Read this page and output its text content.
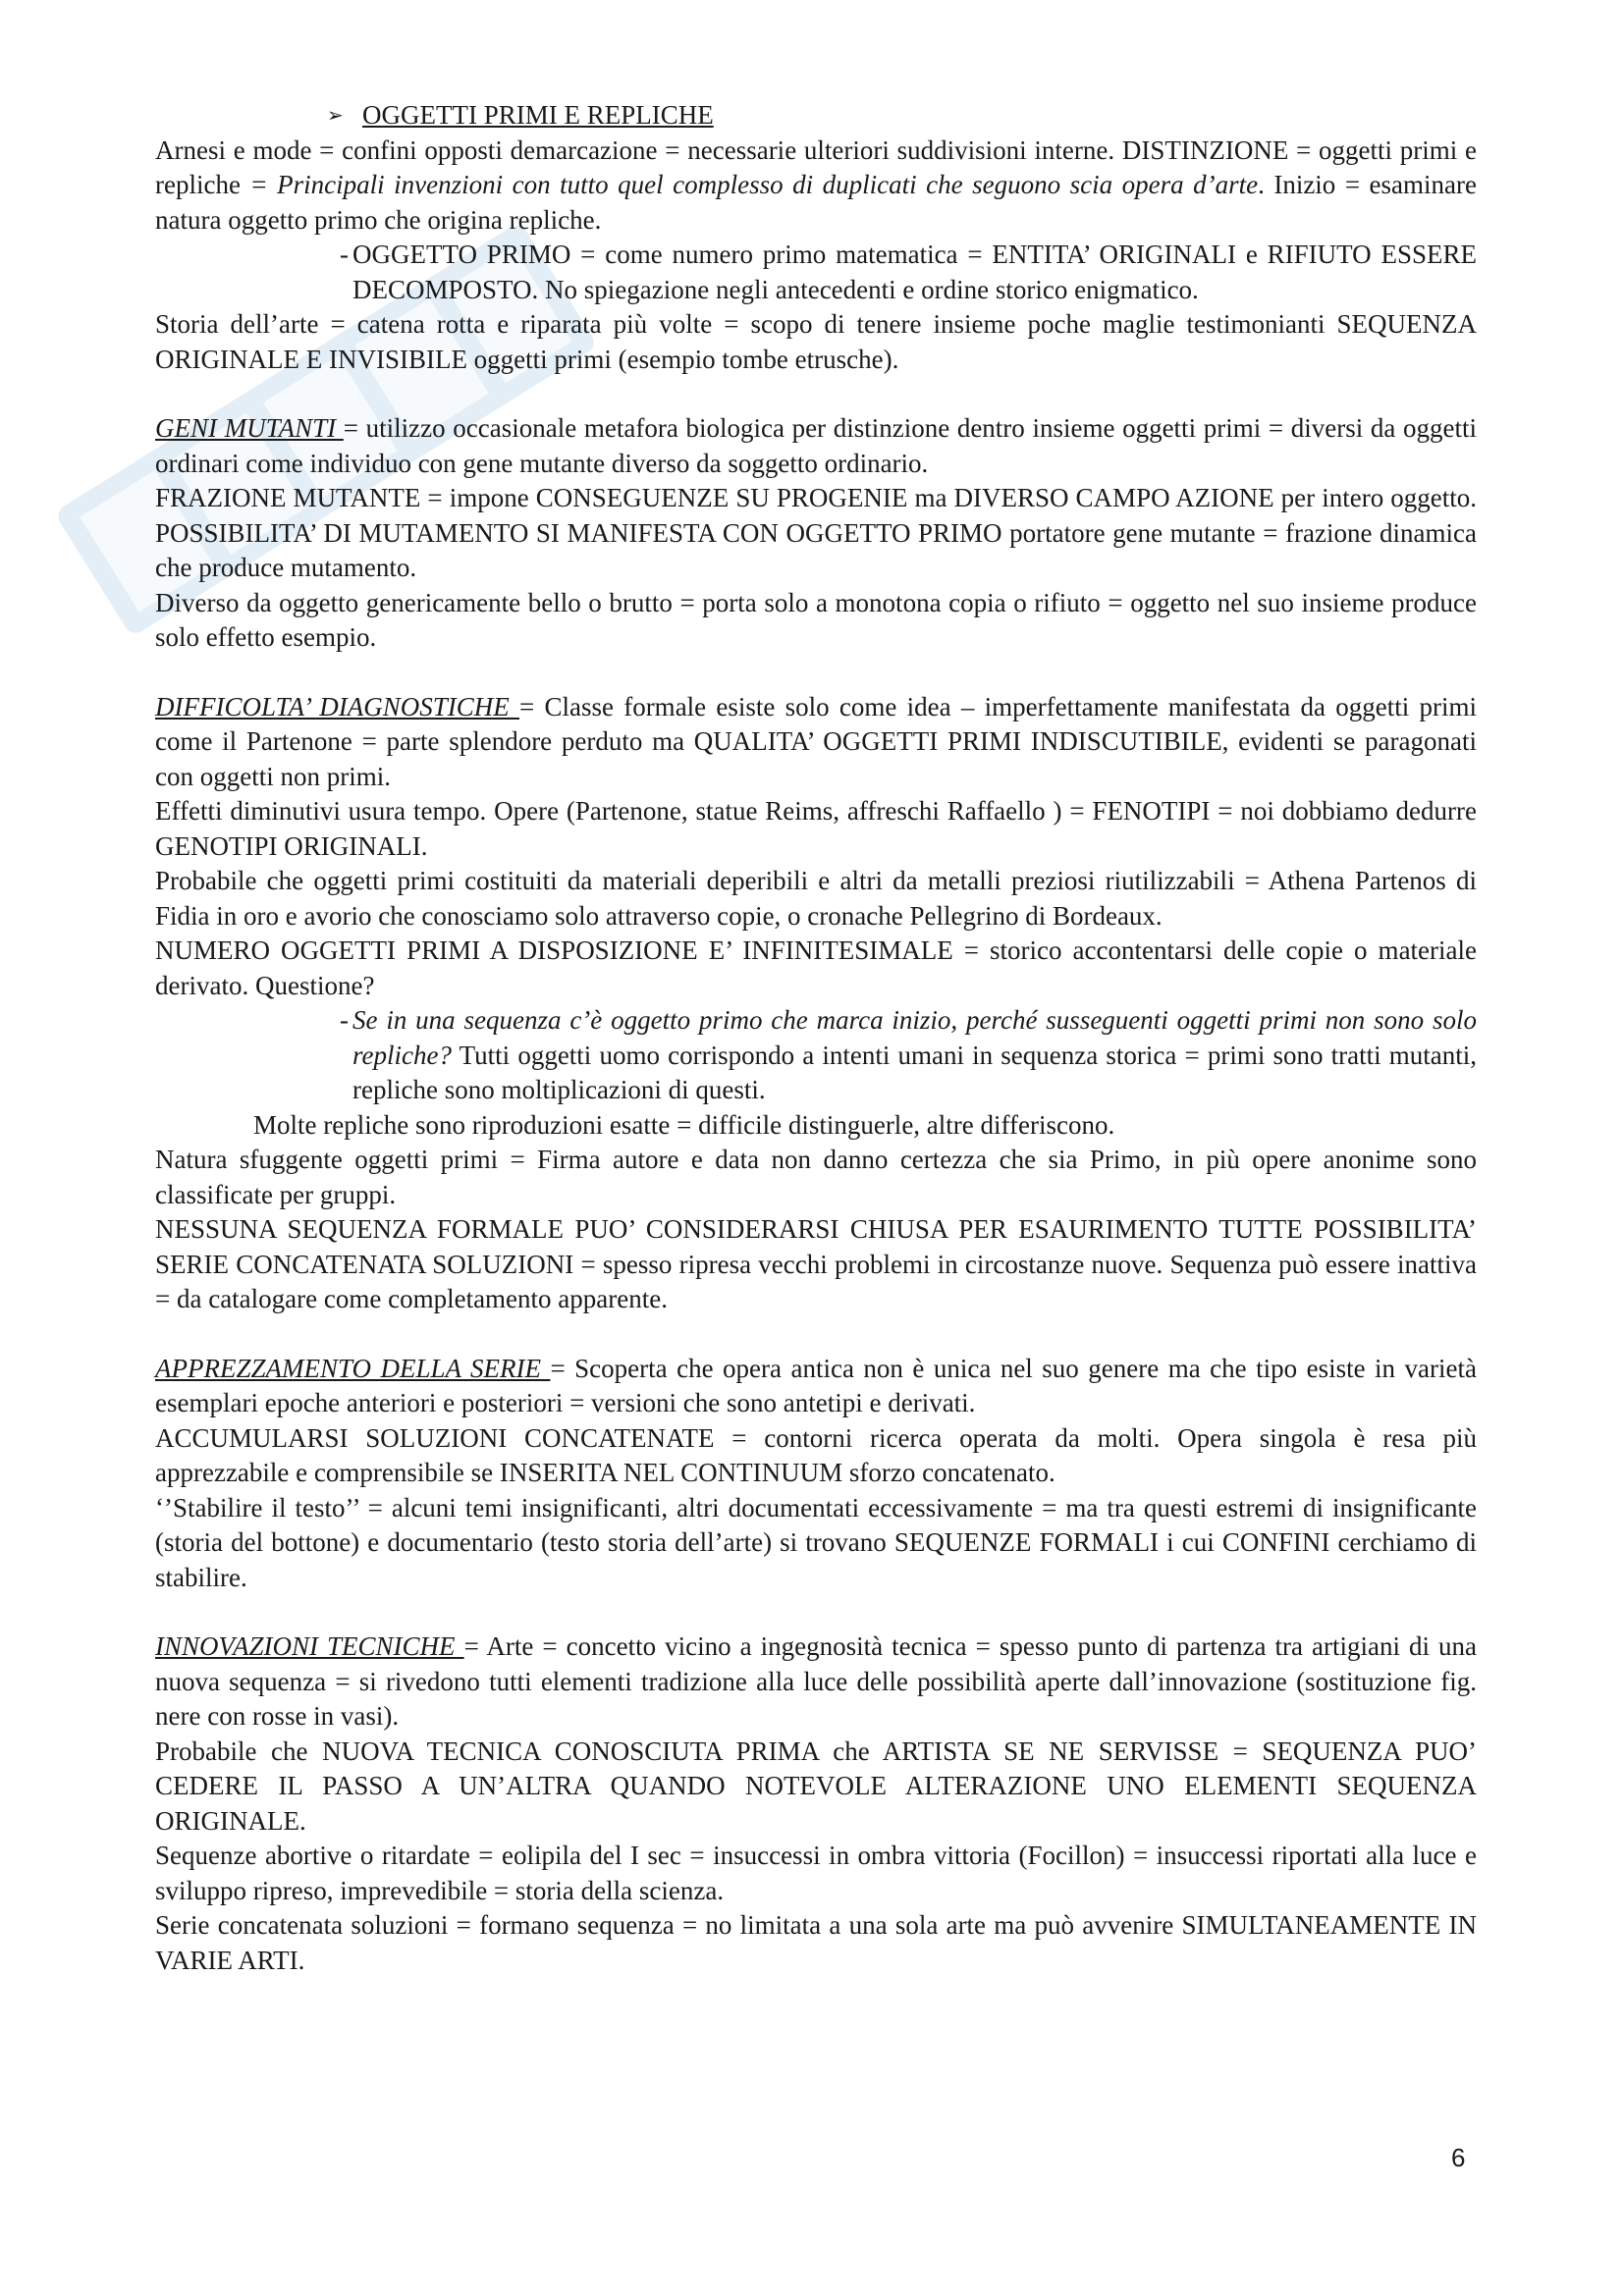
➢ OGGETTI PRIMI E REPLICHE

Arnesi e mode = confini opposti demarcazione = necessarie ulteriori suddivisioni interne. DISTINZIONE = oggetti primi e repliche = Principali invenzioni con tutto quel complesso di duplicati che seguono scia opera d’arte. Inizio = esaminare natura oggetto primo che origina repliche.

- OGGETTO PRIMO = come numero primo matematica = ENTITA’ ORIGINALI e RIFIUTO ESSERE DECOMPOSTO. No spiegazione negli antecedenti e ordine storico enigmatico.

Storia dell’arte = catena rotta e riparata più volte = scopo di tenere insieme poche maglie testimonianti SEQUENZA ORIGINALE E INVISIBILE oggetti primi (esempio tombe etrusche).

GENI MUTANTI = utilizzo occasionale metafora biologica per distinzione dentro insieme oggetti primi = diversi da oggetti ordinari come individuo con gene mutante diverso da soggetto ordinario.

FRAZIONE MUTANTE = impone CONSEGUENZE SU PROGENIE ma DIVERSO CAMPO AZIONE per intero oggetto. POSSIBILITA’ DI MUTAMENTO SI MANIFESTA CON OGGETTO PRIMO portatore gene mutante = frazione dinamica che produce mutamento.

Diverso da oggetto genericamente bello o brutto = porta solo a monotona copia o rifiuto = oggetto nel suo insieme produce solo effetto esempio.

DIFFICOLTA’ DIAGNOSTICHE = Classe formale esiste solo come idea – imperfettamente manifestata da oggetti primi come il Partenone = parte splendore perduto ma QUALITA’ OGGETTI PRIMI INDISCUTIBILE, evidenti se paragonati con oggetti non primi.

Effetti diminutivi usura tempo. Opere (Partenone, statue Reims, affreschi Raffaello ) = FENOTIPI = noi dobbiamo dedurre GENOTIPI ORIGINALI.

Probabile che oggetti primi costituiti da materiali deperibili e altri da metalli preziosi riutilizzabili = Athena Partenos di Fidia in oro e avorio che conosciamo solo attraverso copie, o cronache Pellegrino di Bordeaux.

NUMERO OGGETTI PRIMI A DISPOSIZIONE E’ INFINITESIMALE = storico accontentarsi delle copie o materiale derivato. Questione?

- Se in una sequenza c’è oggetto primo che marca inizio, perché susseguenti oggetti primi non sono solo repliche? Tutti oggetti uomo corrispondo a intenti umani in sequenza storica = primi sono tratti mutanti, repliche sono moltiplicazioni di questi.

Molte repliche sono riproduzioni esatte = difficile distinguerle, altre differiscono.

Natura sfuggente oggetti primi = Firma autore e data non danno certezza che sia Primo, in più opere anonime sono classificate per gruppi.

NESSUNA SEQUENZA FORMALE PUO’ CONSIDERARSI CHIUSA PER ESAURIMENTO TUTTE POSSIBILITA’ SERIE CONCATENATA SOLUZIONI = spesso ripresa vecchi problemi in circostanze nuove. Sequenza può essere inattiva = da catalogare come completamento apparente.

APPREZZAMENTO DELLA SERIE = Scoperta che opera antica non è unica nel suo genere ma che tipo esiste in varietà esemplari epoche anteriori e posteriori = versioni che sono antetipi e derivati.

ACCUMULARSI SOLUZIONI CONCATENATE = contorni ricerca operata da molti. Opera singola è resa più apprezzabile e comprensibile se INSERITA NEL CONTINUUM sforzo concatenato.

‘’Stabilire il testo’’ = alcuni temi insignificanti, altri documentati eccessivamente = ma tra questi estremi di insignificante (storia del bottone) e documentario (testo storia dell’arte) si trovano SEQUENZE FORMALI i cui CONFINI cerchiamo di stabilire.

INNOVAZIONI TECNICHE = Arte = concetto vicino a ingegnosità tecnica = spesso punto di partenza tra artigiani di una nuova sequenza = si rivedono tutti elementi tradizione alla luce delle possibilità aperte dall’innovazione (sostituzione fig. nere con rosse in vasi).

Probabile che NUOVA TECNICA CONOSCIUTA PRIMA che ARTISTA SE NE SERVISSE = SEQUENZA PUO’ CEDERE IL PASSO A UN’ALTRA QUANDO NOTEVOLE ALTERAZIONE UNO ELEMENTI SEQUENZA ORIGINALE.

Sequenze abortive o ritardate = eolipila del I sec = insuccessi in ombra vittoria (Focillon) = insuccessi riportati alla luce e sviluppo ripreso, imprevedibile = storia della scienza.

Serie concatenata soluzioni = formano sequenza = no limitata a una sola arte ma può avvenire SIMULTANEAMENTE IN VARIE ARTI.

6
